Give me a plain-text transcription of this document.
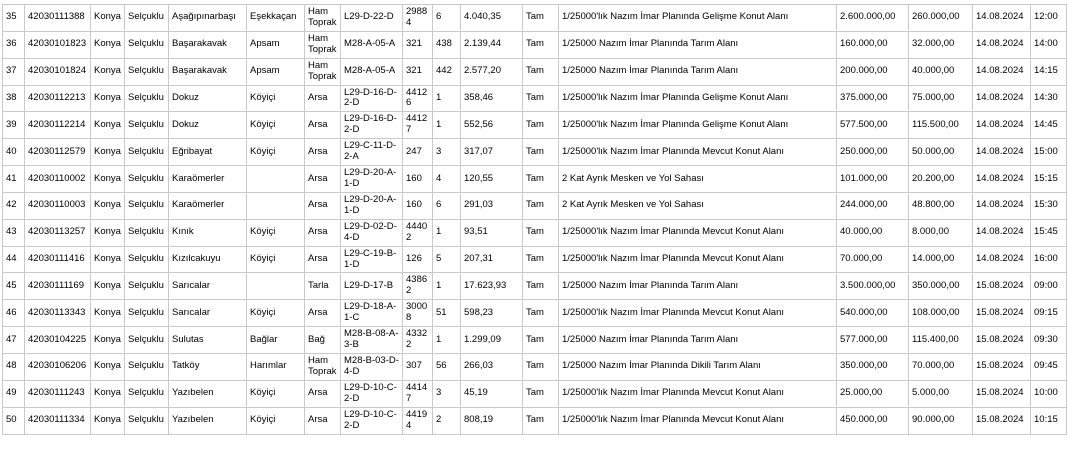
35	42030111388	Konya	Selçuklu	Aşağıpınarbaşı	Eşekkaçan	Ham Toprak	L29-D-22-D	29884	6	4.040,35	Tam	1/25000'lık Nazım İmar Planında Gelişme Konut Alanı	2.600.000,00	260.000,00	14.08.2024	12:00
36	42030101823	Konya	Selçuklu	Başarakavak	Apsam	Ham Toprak	M28-A-05-A	321	438	2.139,44	Tam	1/25000 Nazım İmar Planında Tarım Alanı	160.000,00	32.000,00	14.08.2024	14:00
37	42030101824	Konya	Selçuklu	Başarakavak	Apsam	Ham Toprak	M28-A-05-A	321	442	2.577,20	Tam	1/25000 Nazım İmar Planında Tarım Alanı	200.000,00	40.000,00	14.08.2024	14:15
38	42030112213	Konya	Selçuklu	Dokuz	Köyiçi	Arsa	L29-D-16-D-2-D	44126	1	358,46	Tam	1/25000'lık Nazım İmar Planında Gelişme Konut Alanı	375.000,00	75.000,00	14.08.2024	14:30
39	42030112214	Konya	Selçuklu	Dokuz	Köyiçi	Arsa	L29-D-16-D-2-D	44127	1	552,56	Tam	1/25000'lık Nazım İmar Planında Gelişme Konut Alanı	577.500,00	115.500,00	14.08.2024	14:45
40	42030112579	Konya	Selçuklu	Eğribayat	Köyiçi	Arsa	L29-C-11-D-2-A	247	3	317,07	Tam	1/25000'lık Nazım İmar Planında Mevcut Konut Alanı	250.000,00	50.000,00	14.08.2024	15:00
41	42030110002	Konya	Selçuklu	Karaömerler		Arsa	L29-D-20-A-1-D	160	4	120,55	Tam	2 Kat Ayrık Mesken ve Yol Sahası	101.000,00	20.200,00	14.08.2024	15:15
42	42030110003	Konya	Selçuklu	Karaömerler		Arsa	L29-D-20-A-1-D	160	6	291,03	Tam	2 Kat Ayrık Mesken ve Yol Sahası	244.000,00	48.800,00	14.08.2024	15:30
43	42030113257	Konya	Selçuklu	Kınık	Köyiçi	Arsa	L29-D-02-D-4-D	44402	1	93,51	Tam	1/25000'lık Nazım İmar Planında Mevcut Konut Alanı	40.000,00	8.000,00	14.08.2024	15:45
44	42030111416	Konya	Selçuklu	Kızılcakuyu	Köyiçi	Arsa	L29-C-19-B-1-D	126	5	207,31	Tam	1/25000'lık Nazım İmar Planında Mevcut Konut Alanı	70.000,00	14.000,00	14.08.2024	16:00
45	42030111169	Konya	Selçuklu	Sarıcalar		Tarla	L29-D-17-B	43862	1	17.623,93	Tam	1/25000 Nazım İmar Planında Tarım Alanı	3.500.000,00	350.000,00	15.08.2024	09:00
46	42030113343	Konya	Selçuklu	Sarıcalar	Köyiçi	Arsa	L29-D-18-A-1-C	30008	51	598,23	Tam	1/25000'lık Nazım İmar Planında Mevcut Konut Alanı	540.000,00	108.000,00	15.08.2024	09:15
47	42030104225	Konya	Selçuklu	Sulutas	Bağlar	Bağ	M28-B-08-A-3-B	43322	1	1.299,09	Tam	1/25000 Nazım İmar Planında Tarım Alanı	577.000,00	115.400,00	15.08.2024	09:30
48	42030106206	Konya	Selçuklu	Tatköy	Harımlar	Ham Toprak	M28-B-03-D-4-D	307	56	266,03	Tam	1/25000 Nazım İmar Planında Dikili Tarım Alanı	350.000,00	70.000,00	15.08.2024	09:45
49	42030111243	Konya	Selçuklu	Yazıbelen	Köyiçi	Arsa	L29-D-10-C-2-D	44147	3	45,19	Tam	1/25000'lık Nazım İmar Planında Mevcut Konut Alanı	25.000,00	5.000,00	15.08.2024	10:00
50	42030111334	Konya	Selçuklu	Yazıbelen	Köyiçi	Arsa	L29-D-10-C-2-D	44194	2	808,19	Tam	1/25000'lık Nazım İmar Planında Mevcut Konut Alanı	450.000,00	90.000,00	15.08.2024	10:15
